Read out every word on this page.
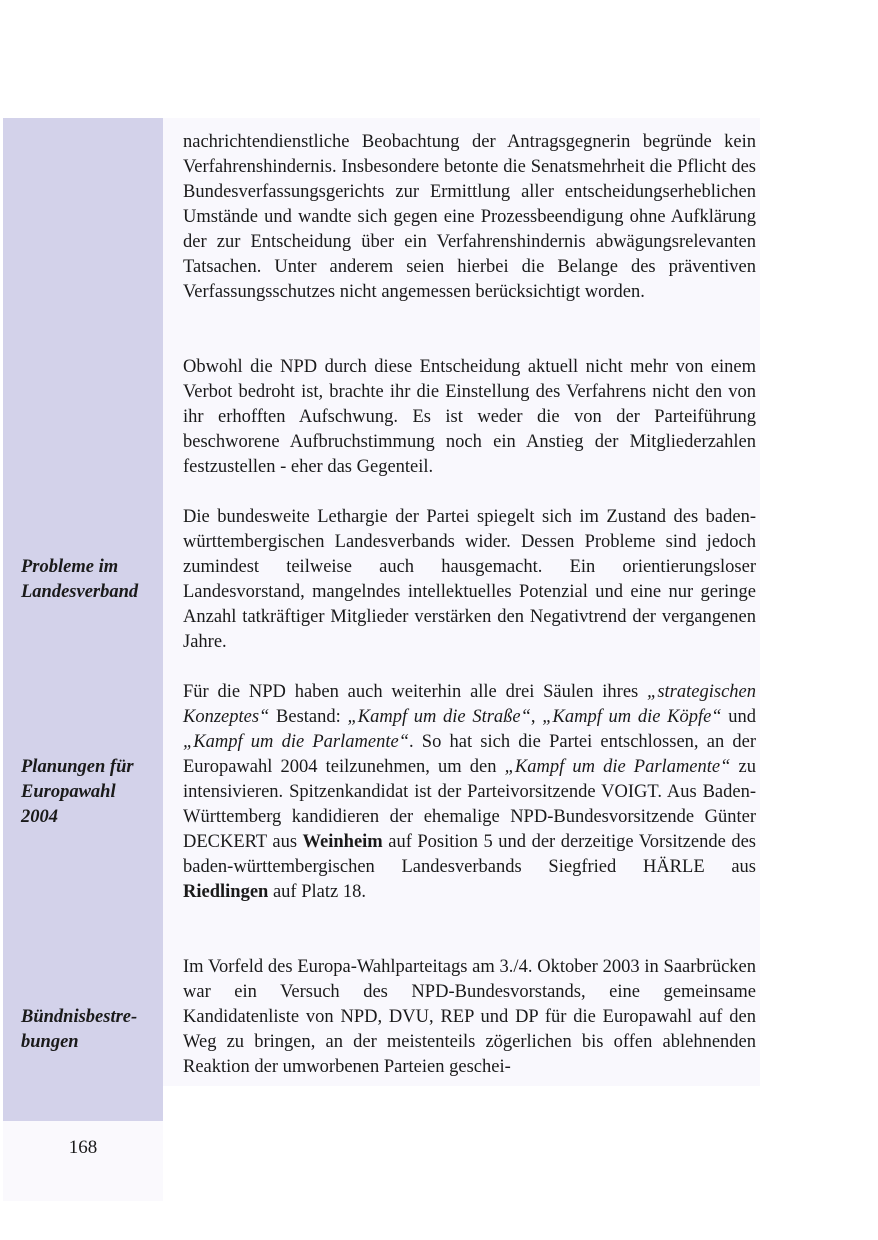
168

Probleme im
Landesverband

Planungen für
Europawahl
2004

Bündnisbestre-
bungen

nachrichtendienstliche Beobachtung der Antragsgegnerin begründe kein Verfahrenshindernis. Insbesondere betonte die Senatsmehrheit die Pflicht des Bundesverfassungsgerichts zur Ermittlung aller entscheidungserheblichen Umstände und wandte sich gegen eine Prozessbeendigung ohne Aufklärung der zur Entscheidung über ein Verfahrenshindernis abwägungsrelevanten Tatsachen. Unter anderem seien hierbei die Belange des präventiven Verfassungsschutzes nicht angemessen berücksichtigt worden.

Obwohl die NPD durch diese Entscheidung aktuell nicht mehr von einem Verbot bedroht ist, brachte ihr die Einstellung des Verfahrens nicht den von ihr erhofften Aufschwung. Es ist weder die von der Parteiführung beschworene Aufbruchstimmung noch ein Anstieg der Mitgliederzahlen festzustellen - eher das Gegenteil.

Die bundesweite Lethargie der Partei spiegelt sich im Zustand des baden-württembergischen Landesverbands wider. Dessen Probleme sind jedoch zumindest teilweise auch hausgemacht. Ein orientierungsloser Landesvorstand, mangelndes intellektuelles Potenzial und eine nur geringe Anzahl tatkräftiger Mitglieder verstärken den Negativtrend der vergangenen Jahre.

Für die NPD haben auch weiterhin alle drei Säulen ihres „strategischen Konzeptes“ Bestand: „Kampf um die Straße“, „Kampf um die Köpfe“ und „Kampf um die Parlamente“. So hat sich die Partei entschlossen, an der Europawahl 2004 teilzunehmen, um den „Kampf um die Parlamente“ zu intensivieren. Spitzenkandidat ist der Parteivorsitzende VOIGT. Aus Baden-Württemberg kandidieren der ehemalige NPD-Bundesvorsitzende Günter DECKERT aus Weinheim auf Position 5 und der derzeitige Vorsitzende des baden-württembergischen Landesverbands Siegfried HÄRLE aus Riedlingen auf Platz 18.

Im Vorfeld des Europa-Wahlparteitags am 3./4. Oktober 2003 in Saarbrücken war ein Versuch des NPD-Bundesvorstands, eine gemeinsame Kandidatenliste von NPD, DVU, REP und DP für die Europawahl auf den Weg zu bringen, an der meistenteils zögerlichen bis offen ablehnenden Reaktion der umworbenen Parteien geschei-
